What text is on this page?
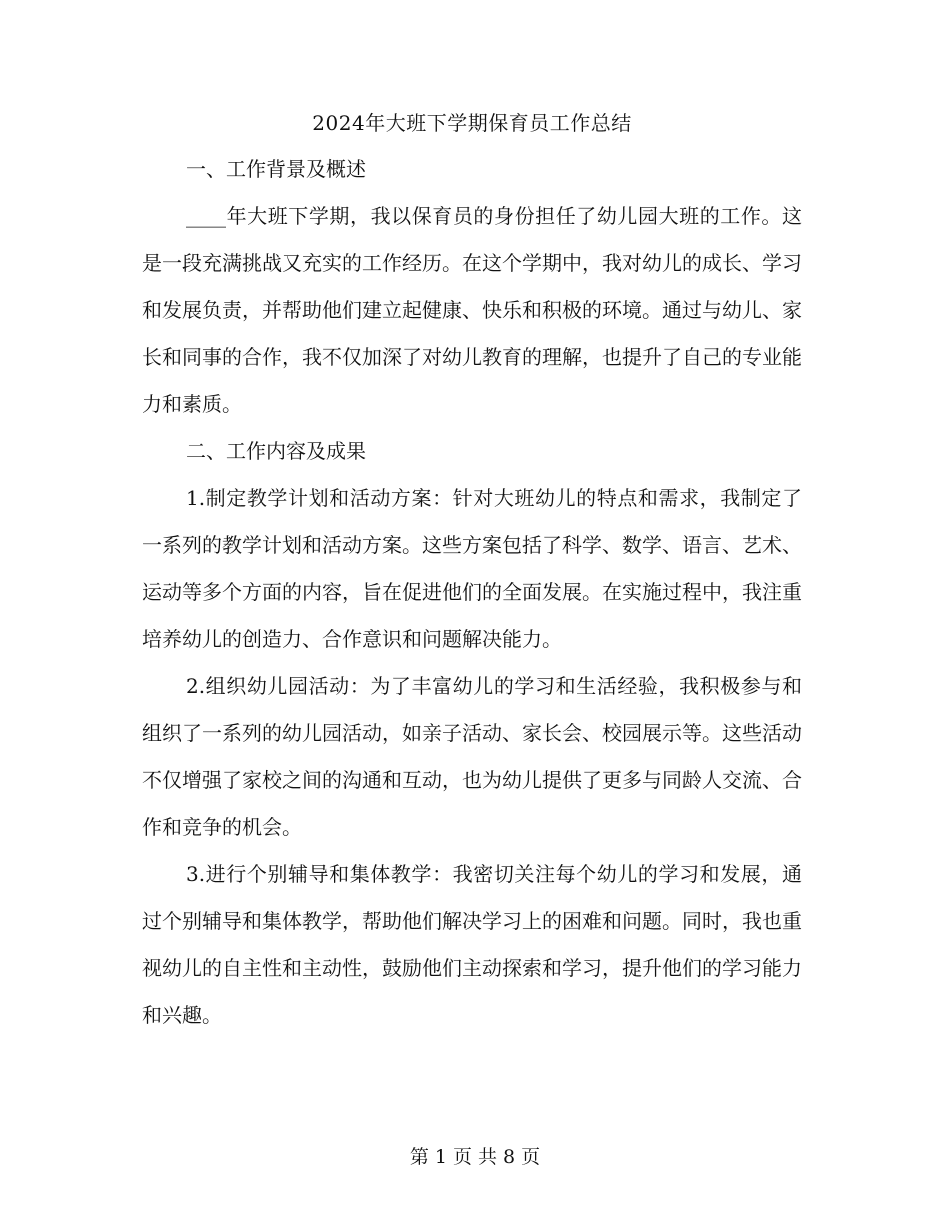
2024年大班下学期保育员工作总结

一、工作背景及概述

____年大班下学期，我以保育员的身份担任了幼儿园大班的工作。这是一段充满挑战又充实的工作经历。在这个学期中，我对幼儿的成长、学习和发展负责，并帮助他们建立起健康、快乐和积极的环境。通过与幼儿、家长和同事的合作，我不仅加深了对幼儿教育的理解，也提升了自己的专业能力和素质。

二、工作内容及成果

1.制定教学计划和活动方案：针对大班幼儿的特点和需求，我制定了一系列的教学计划和活动方案。这些方案包括了科学、数学、语言、艺术、运动等多个方面的内容，旨在促进他们的全面发展。在实施过程中，我注重培养幼儿的创造力、合作意识和问题解决能力。

2.组织幼儿园活动：为了丰富幼儿的学习和生活经验，我积极参与和组织了一系列的幼儿园活动，如亲子活动、家长会、校园展示等。这些活动不仅增强了家校之间的沟通和互动，也为幼儿提供了更多与同龄人交流、合作和竞争的机会。

3.进行个别辅导和集体教学：我密切关注每个幼儿的学习和发展，通过个别辅导和集体教学，帮助他们解决学习上的困难和问题。同时，我也重视幼儿的自主性和主动性，鼓励他们主动探索和学习，提升他们的学习能力和兴趣。

第 1 页 共 8 页
